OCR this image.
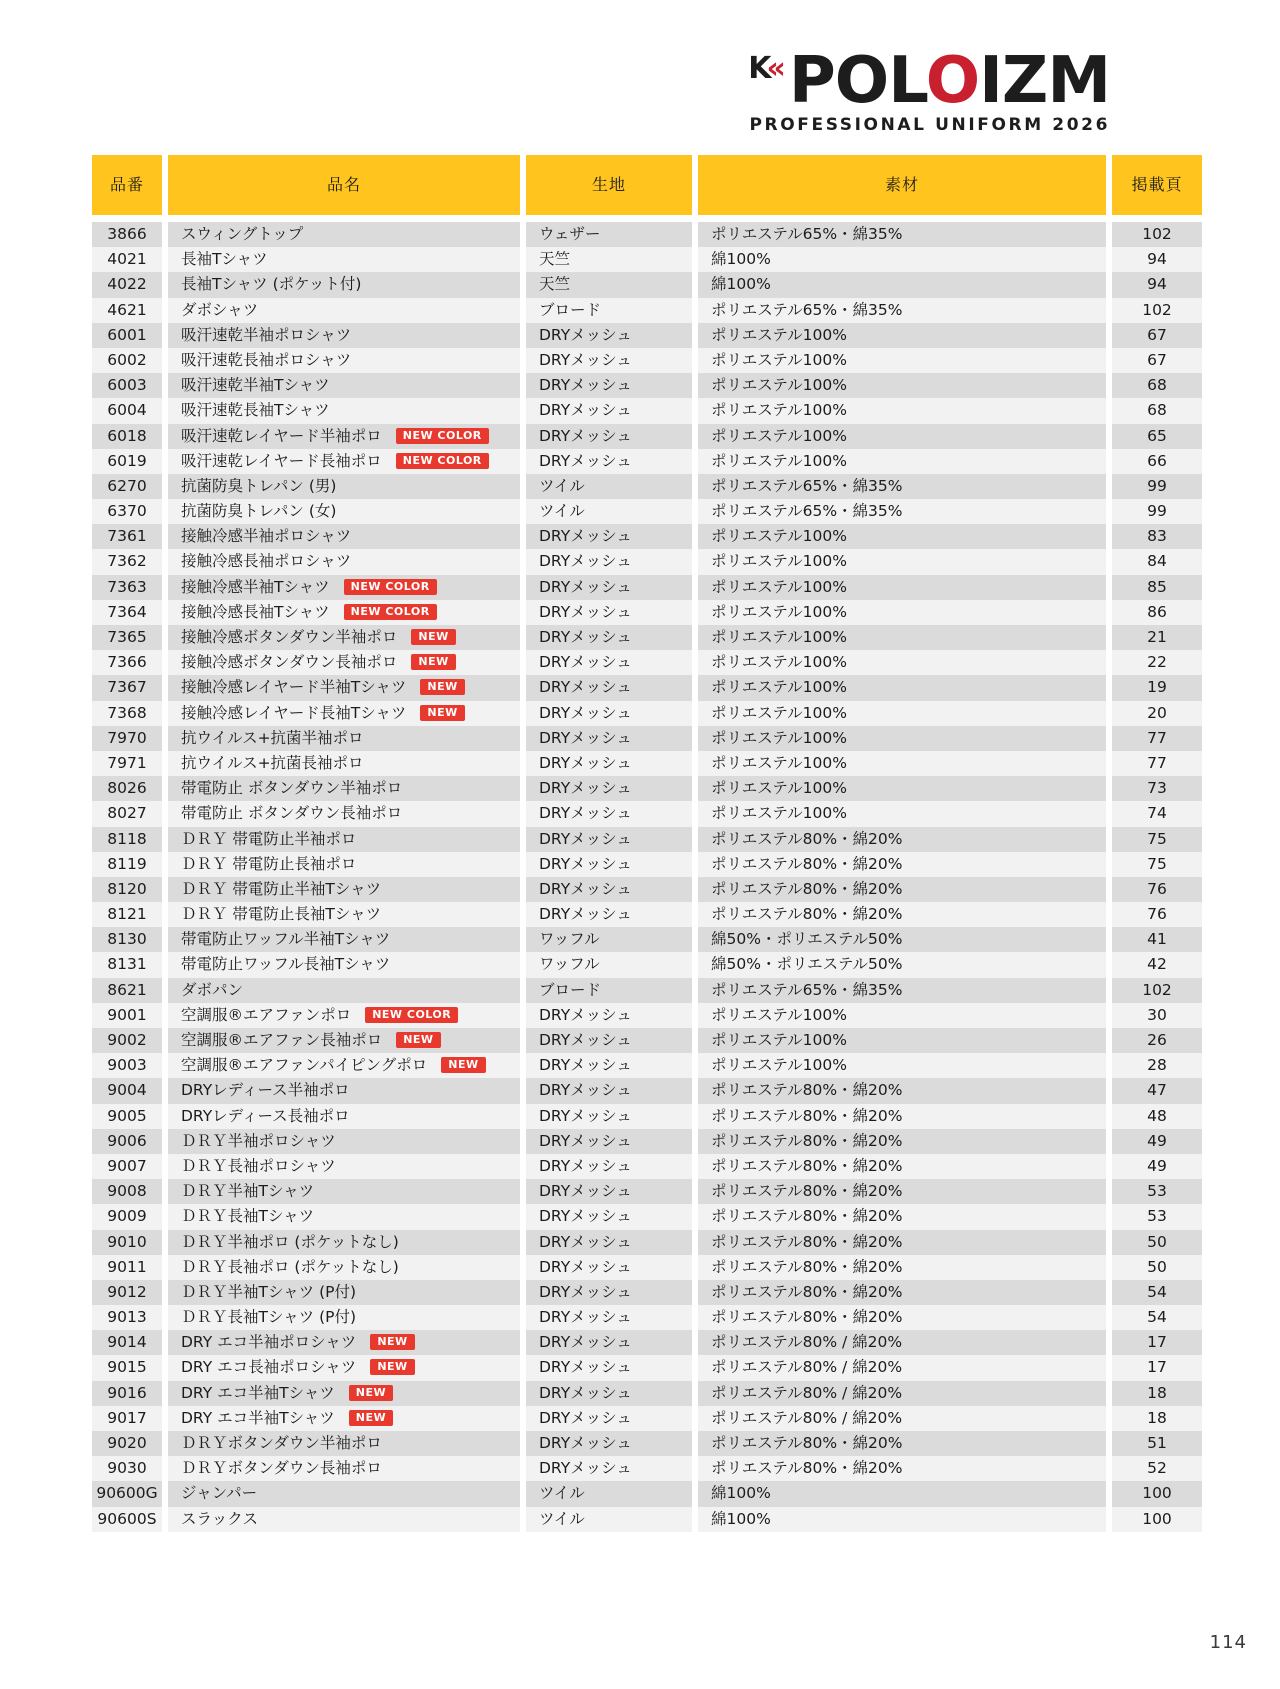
K
« POLOIZM
PROFESSIONAL UNIFORM 2026
品番	品名	生地	素材	掲載頁
3866	スウィングトップ	ウェザー	ポリエステル65%・綿35%	102
4021	長袖Tシャツ	天竺	綿100%	94
4022	長袖Tシャツ (ポケット付)	天竺	綿100%	94
4621	ダボシャツ	ブロード	ポリエステル65%・綿35%	102
6001	吸汗速乾半袖ポロシャツ	DRYメッシュ	ポリエステル100%	67
6002	吸汗速乾長袖ポロシャツ	DRYメッシュ	ポリエステル100%	67
6003	吸汗速乾半袖Tシャツ	DRYメッシュ	ポリエステル100%	68
6004	吸汗速乾長袖Tシャツ	DRYメッシュ	ポリエステル100%	68
6018	吸汗速乾レイヤード半袖ポロ NEW COLOR	DRYメッシュ	ポリエステル100%	65
6019	吸汗速乾レイヤード長袖ポロ NEW COLOR	DRYメッシュ	ポリエステル100%	66
6270	抗菌防臭トレパン (男)	ツイル	ポリエステル65%・綿35%	99
6370	抗菌防臭トレパン (女)	ツイル	ポリエステル65%・綿35%	99
7361	接触冷感半袖ポロシャツ	DRYメッシュ	ポリエステル100%	83
7362	接触冷感長袖ポロシャツ	DRYメッシュ	ポリエステル100%	84
7363	接触冷感半袖Tシャツ NEW COLOR	DRYメッシュ	ポリエステル100%	85
7364	接触冷感長袖Tシャツ NEW COLOR	DRYメッシュ	ポリエステル100%	86
7365	接触冷感ボタンダウン半袖ポロ NEW	DRYメッシュ	ポリエステル100%	21
7366	接触冷感ボタンダウン長袖ポロ NEW	DRYメッシュ	ポリエステル100%	22
7367	接触冷感レイヤード半袖Tシャツ NEW	DRYメッシュ	ポリエステル100%	19
7368	接触冷感レイヤード長袖Tシャツ NEW	DRYメッシュ	ポリエステル100%	20
7970	抗ウイルス+抗菌半袖ポロ	DRYメッシュ	ポリエステル100%	77
7971	抗ウイルス+抗菌長袖ポロ	DRYメッシュ	ポリエステル100%	77
8026	帯電防止 ボタンダウン半袖ポロ	DRYメッシュ	ポリエステル100%	73
8027	帯電防止 ボタンダウン長袖ポロ	DRYメッシュ	ポリエステル100%	74
8118	ＤＲＹ 帯電防止半袖ポロ	DRYメッシュ	ポリエステル80%・綿20%	75
8119	ＤＲＹ 帯電防止長袖ポロ	DRYメッシュ	ポリエステル80%・綿20%	75
8120	ＤＲＹ 帯電防止半袖Tシャツ	DRYメッシュ	ポリエステル80%・綿20%	76
8121	ＤＲＹ 帯電防止長袖Tシャツ	DRYメッシュ	ポリエステル80%・綿20%	76
8130	帯電防止ワッフル半袖Tシャツ	ワッフル	綿50%・ポリエステル50%	41
8131	帯電防止ワッフル長袖Tシャツ	ワッフル	綿50%・ポリエステル50%	42
8621	ダボパン	ブロード	ポリエステル65%・綿35%	102
9001	空調服®エアファンポロ NEW COLOR	DRYメッシュ	ポリエステル100%	30
9002	空調服®エアファン長袖ポロ NEW	DRYメッシュ	ポリエステル100%	26
9003	空調服®エアファンパイピングポロ NEW	DRYメッシュ	ポリエステル100%	28
9004	DRYレディース半袖ポロ	DRYメッシュ	ポリエステル80%・綿20%	47
9005	DRYレディース長袖ポロ	DRYメッシュ	ポリエステル80%・綿20%	48
9006	ＤＲＹ半袖ポロシャツ	DRYメッシュ	ポリエステル80%・綿20%	49
9007	ＤＲＹ長袖ポロシャツ	DRYメッシュ	ポリエステル80%・綿20%	49
9008	ＤＲＹ半袖Tシャツ	DRYメッシュ	ポリエステル80%・綿20%	53
9009	ＤＲＹ長袖Tシャツ	DRYメッシュ	ポリエステル80%・綿20%	53
9010	ＤＲＹ半袖ポロ (ポケットなし)	DRYメッシュ	ポリエステル80%・綿20%	50
9011	ＤＲＹ長袖ポロ (ポケットなし)	DRYメッシュ	ポリエステル80%・綿20%	50
9012	ＤＲＹ半袖Tシャツ (P付)	DRYメッシュ	ポリエステル80%・綿20%	54
9013	ＤＲＹ長袖Tシャツ (P付)	DRYメッシュ	ポリエステル80%・綿20%	54
9014	DRY エコ半袖ポロシャツ NEW	DRYメッシュ	ポリエステル80% / 綿20%	17
9015	DRY エコ長袖ポロシャツ NEW	DRYメッシュ	ポリエステル80% / 綿20%	17
9016	DRY エコ半袖Tシャツ NEW	DRYメッシュ	ポリエステル80% / 綿20%	18
9017	DRY エコ半袖Tシャツ NEW	DRYメッシュ	ポリエステル80% / 綿20%	18
9020	ＤＲＹボタンダウン半袖ポロ	DRYメッシュ	ポリエステル80%・綿20%	51
9030	ＤＲＹボタンダウン長袖ポロ	DRYメッシュ	ポリエステル80%・綿20%	52
90600G	ジャンパー	ツイル	綿100%	100
90600S	スラックス	ツイル	綿100%	100
114
